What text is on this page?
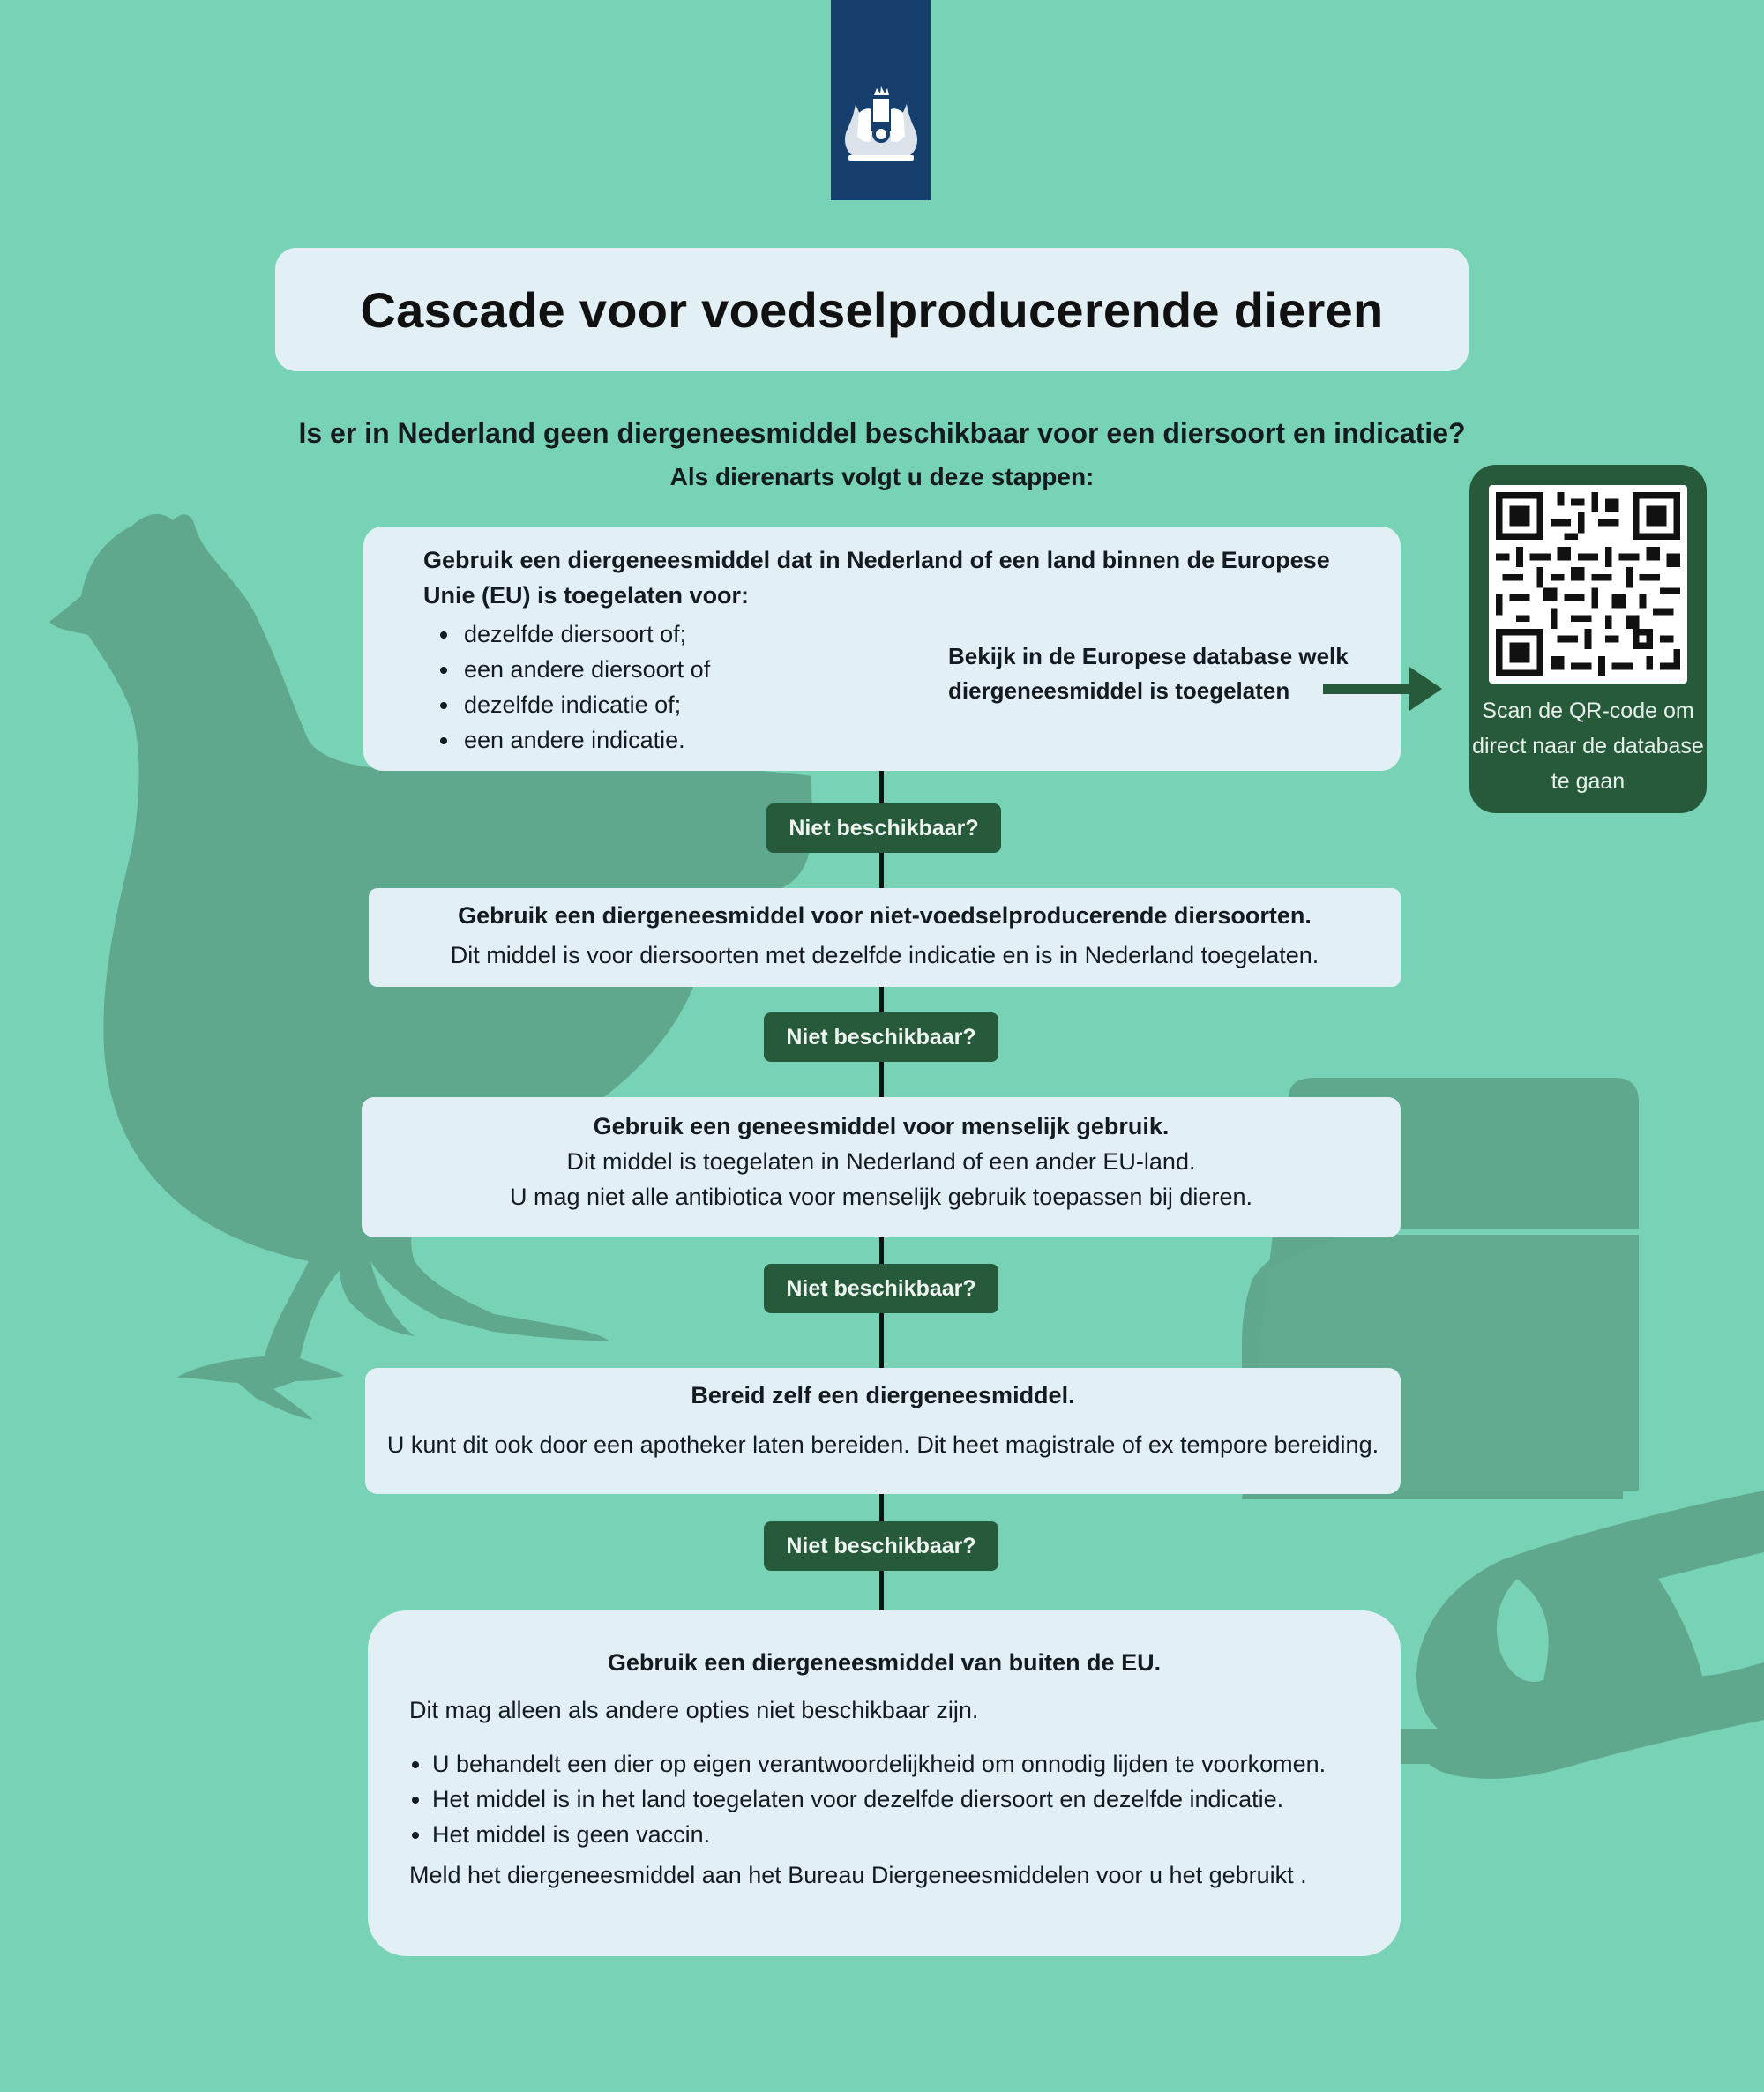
Cascade voor voedselproducerende dieren
Is er in Nederland geen diergeneesmiddel beschikbaar voor een diersoort en indicatie?
Als dierenarts volgt u deze stappen:
Gebruik een diergeneesmiddel dat in Nederland of een land binnen de Europese Unie (EU) is toegelaten voor:
• dezelfde diersoort of;
• een andere diersoort of
• dezelfde indicatie of;
• een andere indicatie.
Bekijk in de Europese database welk diergeneesmiddel is toegelaten
Scan de QR-code om direct naar de database te gaan
Niet beschikbaar?
Niet beschikbaar?
Niet beschikbaar?
Niet beschikbaar?
Gebruik een diergeneesmiddel voor niet-voedselproducerende diersoorten.
Dit middel is voor diersoorten met dezelfde indicatie en is in Nederland toegelaten.
Gebruik een geneesmiddel voor menselijk gebruik.
Dit middel is toegelaten in Nederland of een ander EU-land.
U mag niet alle antibiotica voor menselijk gebruik toepassen bij dieren.
Bereid zelf een diergeneesmiddel.
U kunt dit ook door een apotheker laten bereiden. Dit heet magistrale of ex tempore bereiding.
Gebruik een diergeneesmiddel van buiten de EU.
Dit mag alleen als andere opties niet beschikbaar zijn.
• U behandelt een dier op eigen verantwoordelijkheid om onnodig lijden te voorkomen.
• Het middel is in het land toegelaten voor dezelfde diersoort en dezelfde indicatie.
• Het middel is geen vaccin.
Meld het diergeneesmiddel aan het Bureau Diergeneesmiddelen voor u het gebruikt .
